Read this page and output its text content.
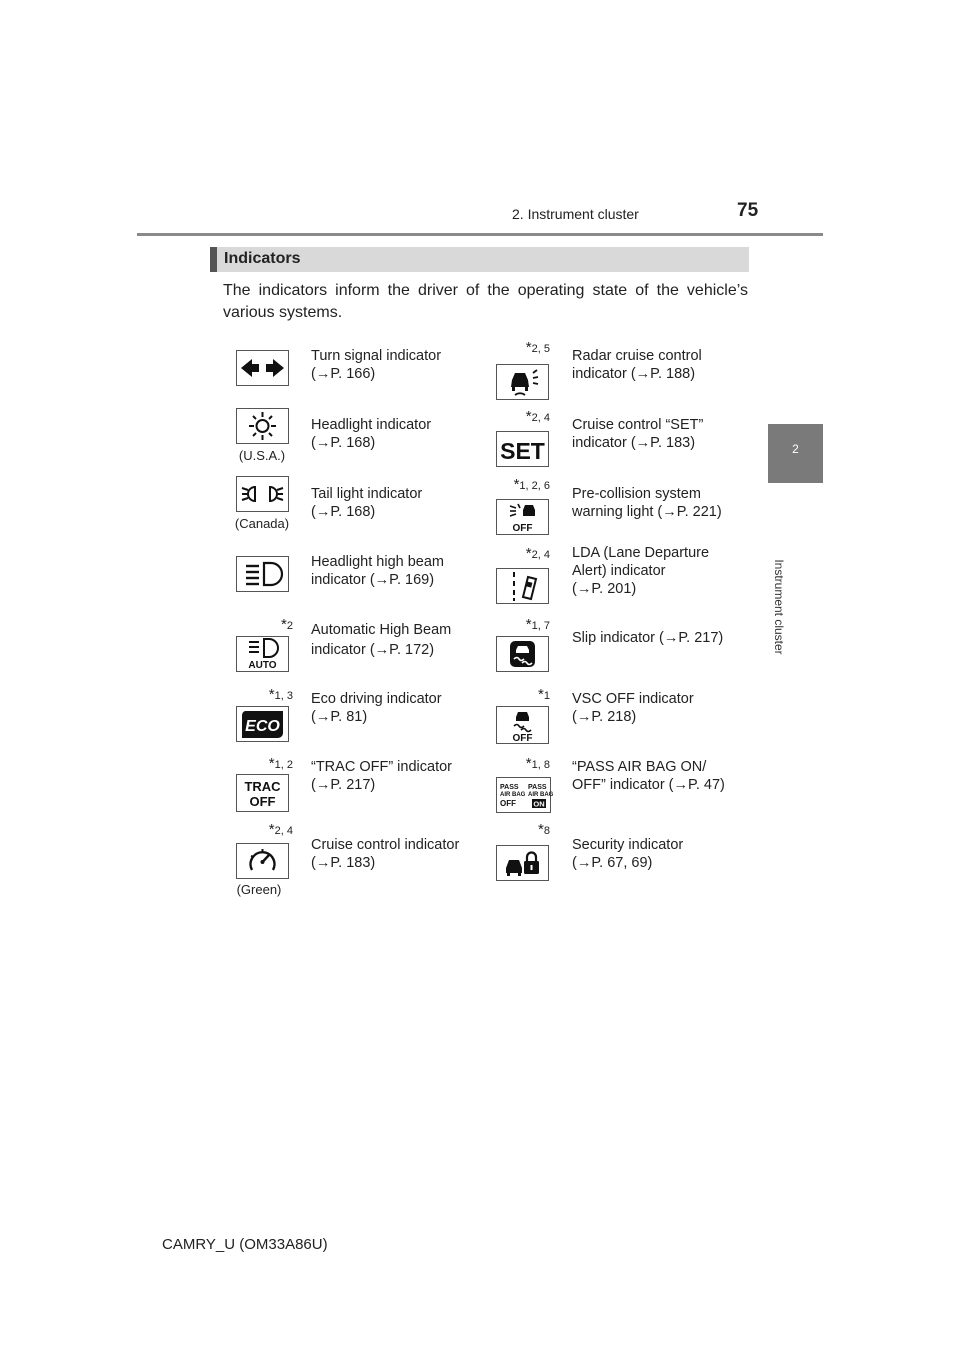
2. Instrument cluster	75
2
Instrument cluster
Indicators
The indicators inform the driver of the operating state of the vehicle’s various systems.
Turn signal indicator
(→P. 166)
(U.S.A.)
Headlight indicator
(→P. 168)
(Canada)
Tail light indicator
(→P. 168)
Headlight high beam
indicator (→P. 169)
*2
AUTO
Automatic High Beam
indicator (→P. 172)
*1, 3
ECO
Eco driving indicator
(→P. 81)
*1, 2
TRAC
OFF
“TRAC OFF” indicator
(→P. 217)
*2, 4
(Green)
Cruise control indicator
(→P. 183)
*2, 5 Radar cruise control
indicator (→P. 188)
*2, 4
SET
Cruise control “SET”
indicator (→P. 183)
*1, 2, 6
OFF
Pre-collision system
warning light (→P. 221)
*2, 4 LDA (Lane Departure
Alert) indicator
(→P. 201)
*1, 7
Slip indicator (→P. 217)
*1
OFF
VSC OFF indicator
(→P. 218)
*1, 8
PASS
AIR BAG
OFF
PASS
AIR BAG
ON
“PASS AIR BAG ON/
OFF” indicator (→P. 47)
*8
Security indicator
(→P. 67, 69)
CAMRY_U (OM33A86U)
